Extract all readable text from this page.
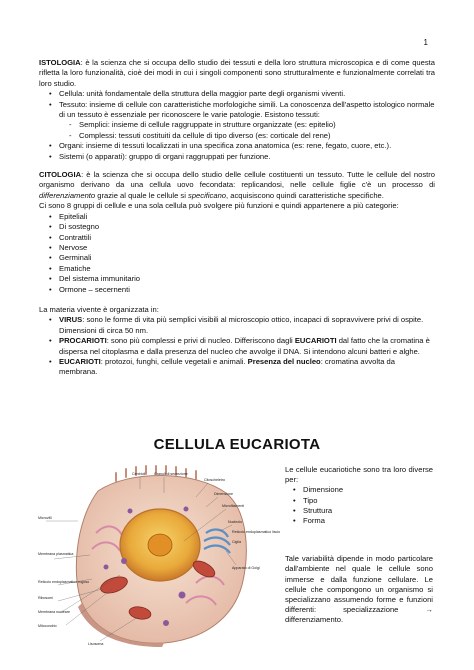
1

ISTOLOGIA: è la scienza che si occupa dello studio dei tessuti e della loro struttura microscopica e di come questa rifletta la loro funzionalità, cioè dei modi in cui i singoli componenti sono strutturalmente e funzionalmente correlati tra loro studio.

• Cellula: unità fondamentale della struttura della maggior parte degli organismi viventi.
• Tessuto: insieme di cellule con caratteristiche morfologiche simili. La conoscenza dell'aspetto istologico normale di un tessuto è essenziale per riconoscere le varie patologie. Esistono tessuti:
- Semplici: insieme di cellule raggruppate in strutture organizzate (es: epitelio)
- Complessi: tessuti costituiti da cellule di tipo diverso (es: corticale del rene)
• Organi: insieme di tessuti localizzati in una specifica zona anatomica (es: rene, fegato, cuore, etc.).
• Sistemi (o apparati): gruppo di organi raggruppati per funzione.

CITOLOGIA: è la scienza che si occupa dello studio delle cellule costituenti un tessuto. Tutte le cellule del nostro organismo derivano da una cellula uovo fecondata: replicandosi, nelle cellule figlie c'è un processo di differenziamento grazie al quale le cellule si specificano, acquisiscono quindi caratteristiche specifiche.

Ci sono 8 gruppi di cellule e una sola cellula può svolgere più funzioni e quindi appartenere a più categorie:

• Epiteliali
• Di sostegno
• Contrattili
• Nervose
• Germinali
• Ematiche
• Del sistema immunitario
• Ormone – secernenti

La materia vivente è organizzata in:

• VIRUS: sono le forme di vita più semplici visibili al microscopio ottico, incapaci di sopravvivere privi di ospite. Dimensioni di circa 50 nm.
• PROCARIOTI: sono più complessi e privi di nucleo. Differiscono dagli EUCARIOTI dal fatto che la cromatina è dispersa nel citoplasma e dalla presenza del nucleo che avvolge il DNA. Si intendono alcuni batteri e alghe.
• EUCARIOTI: protozoi, funghi, cellule vegetali e animali. Presenza del nucleo: cromatina avvolta da membrana.
CELLULA EUCARIOTA
Centrioli Granuli di secrezione
Citoscheletro
Dimensione
Microfilamenti
Nucleolo
Reticolo endoplasmatico liscio
Ciglia
Microvilli
Membrana plasmatica
Apparato di Golgi
Reticolo endoplasmatico rugoso
Ribosomi
Membrana nucleare
Mitocondrio
Lisosoma

Le cellule eucariotiche sono tra loro diverse per:

• Dimensione
• Tipo
• Struttura
• Forma

Tale variabilità dipende in modo particolare dall'ambiente nel quale le cellule sono immerse e dalla funzione cellulare. Le cellule che compongono un organismo si specializzano assumendo forme e funzioni differenti: specializzazione → differenziamento.
